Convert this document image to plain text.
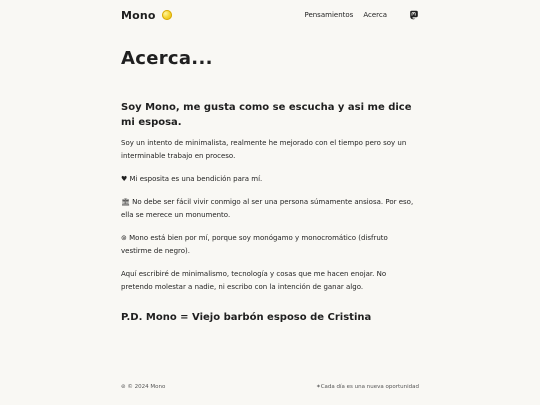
Mono	Pensamientos Acerca
Acerca...
Soy Mono, me gusta como se escucha y asi me dice mi esposa.

Soy un intento de minimalista, realmente he mejorado con el tiempo pero soy un interminable trabajo en proceso.

♥ Mi esposita es una bendición para mí.

🏛 No debe ser fácil vivir conmigo al ser una persona súmamente ansiosa. Por eso, ella se merece un monumento.

⊚ Mono está bien por mí, porque soy monógamo y monocromático (disfruto vestirme de negro).

Aquí escribiré de minimalismo, tecnología y cosas que me hacen enojar. No pretendo molestar a nadie, ni escribo con la intención de ganar algo.

P.D. Mono = Viejo barbón esposo de Cristina
⊚ © 2024 Mono	✶Cada día es una nueva oportunidad
